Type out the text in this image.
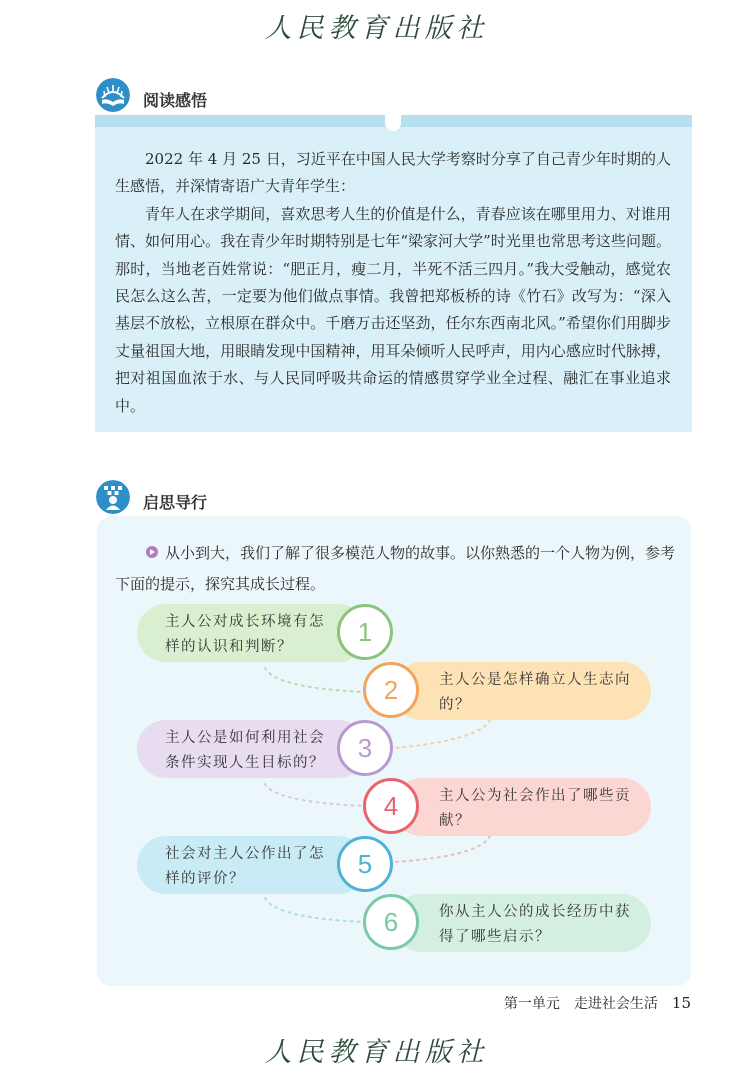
人民教育出版社
阅读感悟

2022 年 4 月 25 日，习近平在中国人民大学考察时分享了自己青少年时期的人生感悟，并深情寄语广大青年学生：

青年人在求学期间，喜欢思考人生的价值是什么，青春应该在哪里用力、对谁用情、如何用心。我在青少年时期特别是七年“梁家河大学”时光里也常思考这些问题。那时，当地老百姓常说：“肥正月，瘦二月，半死不活三四月。”我大受触动，感觉农民怎么这么苦，一定要为他们做点事情。我曾把郑板桥的诗《竹石》改写为：“深入基层不放松，立根原在群众中。千磨万击还坚劲，任尔东西南北风。”希望你们用脚步丈量祖国大地，用眼睛发现中国精神，用耳朵倾听人民呼声，用内心感应时代脉搏，把对祖国血浓于水、与人民同呼吸共命运的情感贯穿学业全过程、融汇在事业追求中。

启思导行
从小到大，我们了解了很多模范人物的故事。以你熟悉的一个人物为例，参考下面的提示，探究其成长过程。
主人公对成长环境有怎样的认识和判断？	1
主人公是怎样确立人生志向的？
2
主人公是如何利用社会条件实现人生目标的？	3
主人公为社会作出了哪些贡献？
4
社会对主人公作出了怎样的评价？	5
你从主人公的成长经历中获得了哪些启示？
6
第一单元　走进社会生活 15
人民教育出版社
